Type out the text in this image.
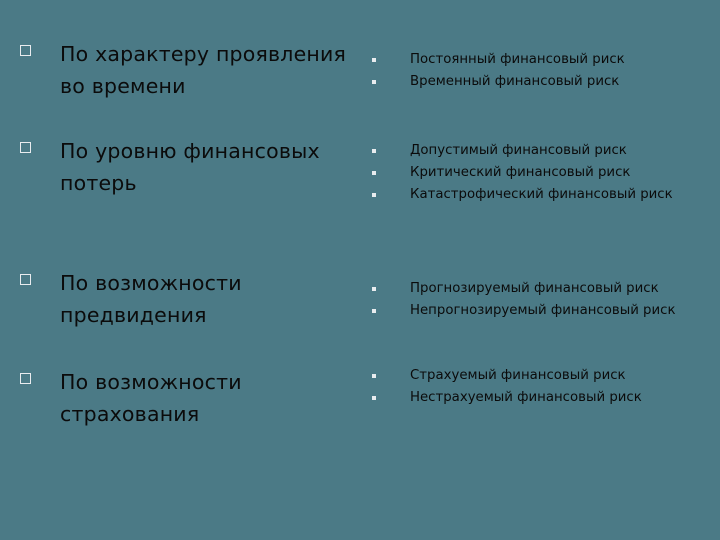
По характеру проявления во времени
Постоянный финансовый риск
Временный финансовый риск
По уровню финансовых потерь
Допустимый финансовый риск
Критический финансовый риск
Катастрофический финансовый риск
По возможности предвидения
Прогнозируемый финансовый риск
Непрогнозируемый финансовый риск
По возможности страхования
Страхуемый финансовый риск
Нестрахуемый финансовый риск
